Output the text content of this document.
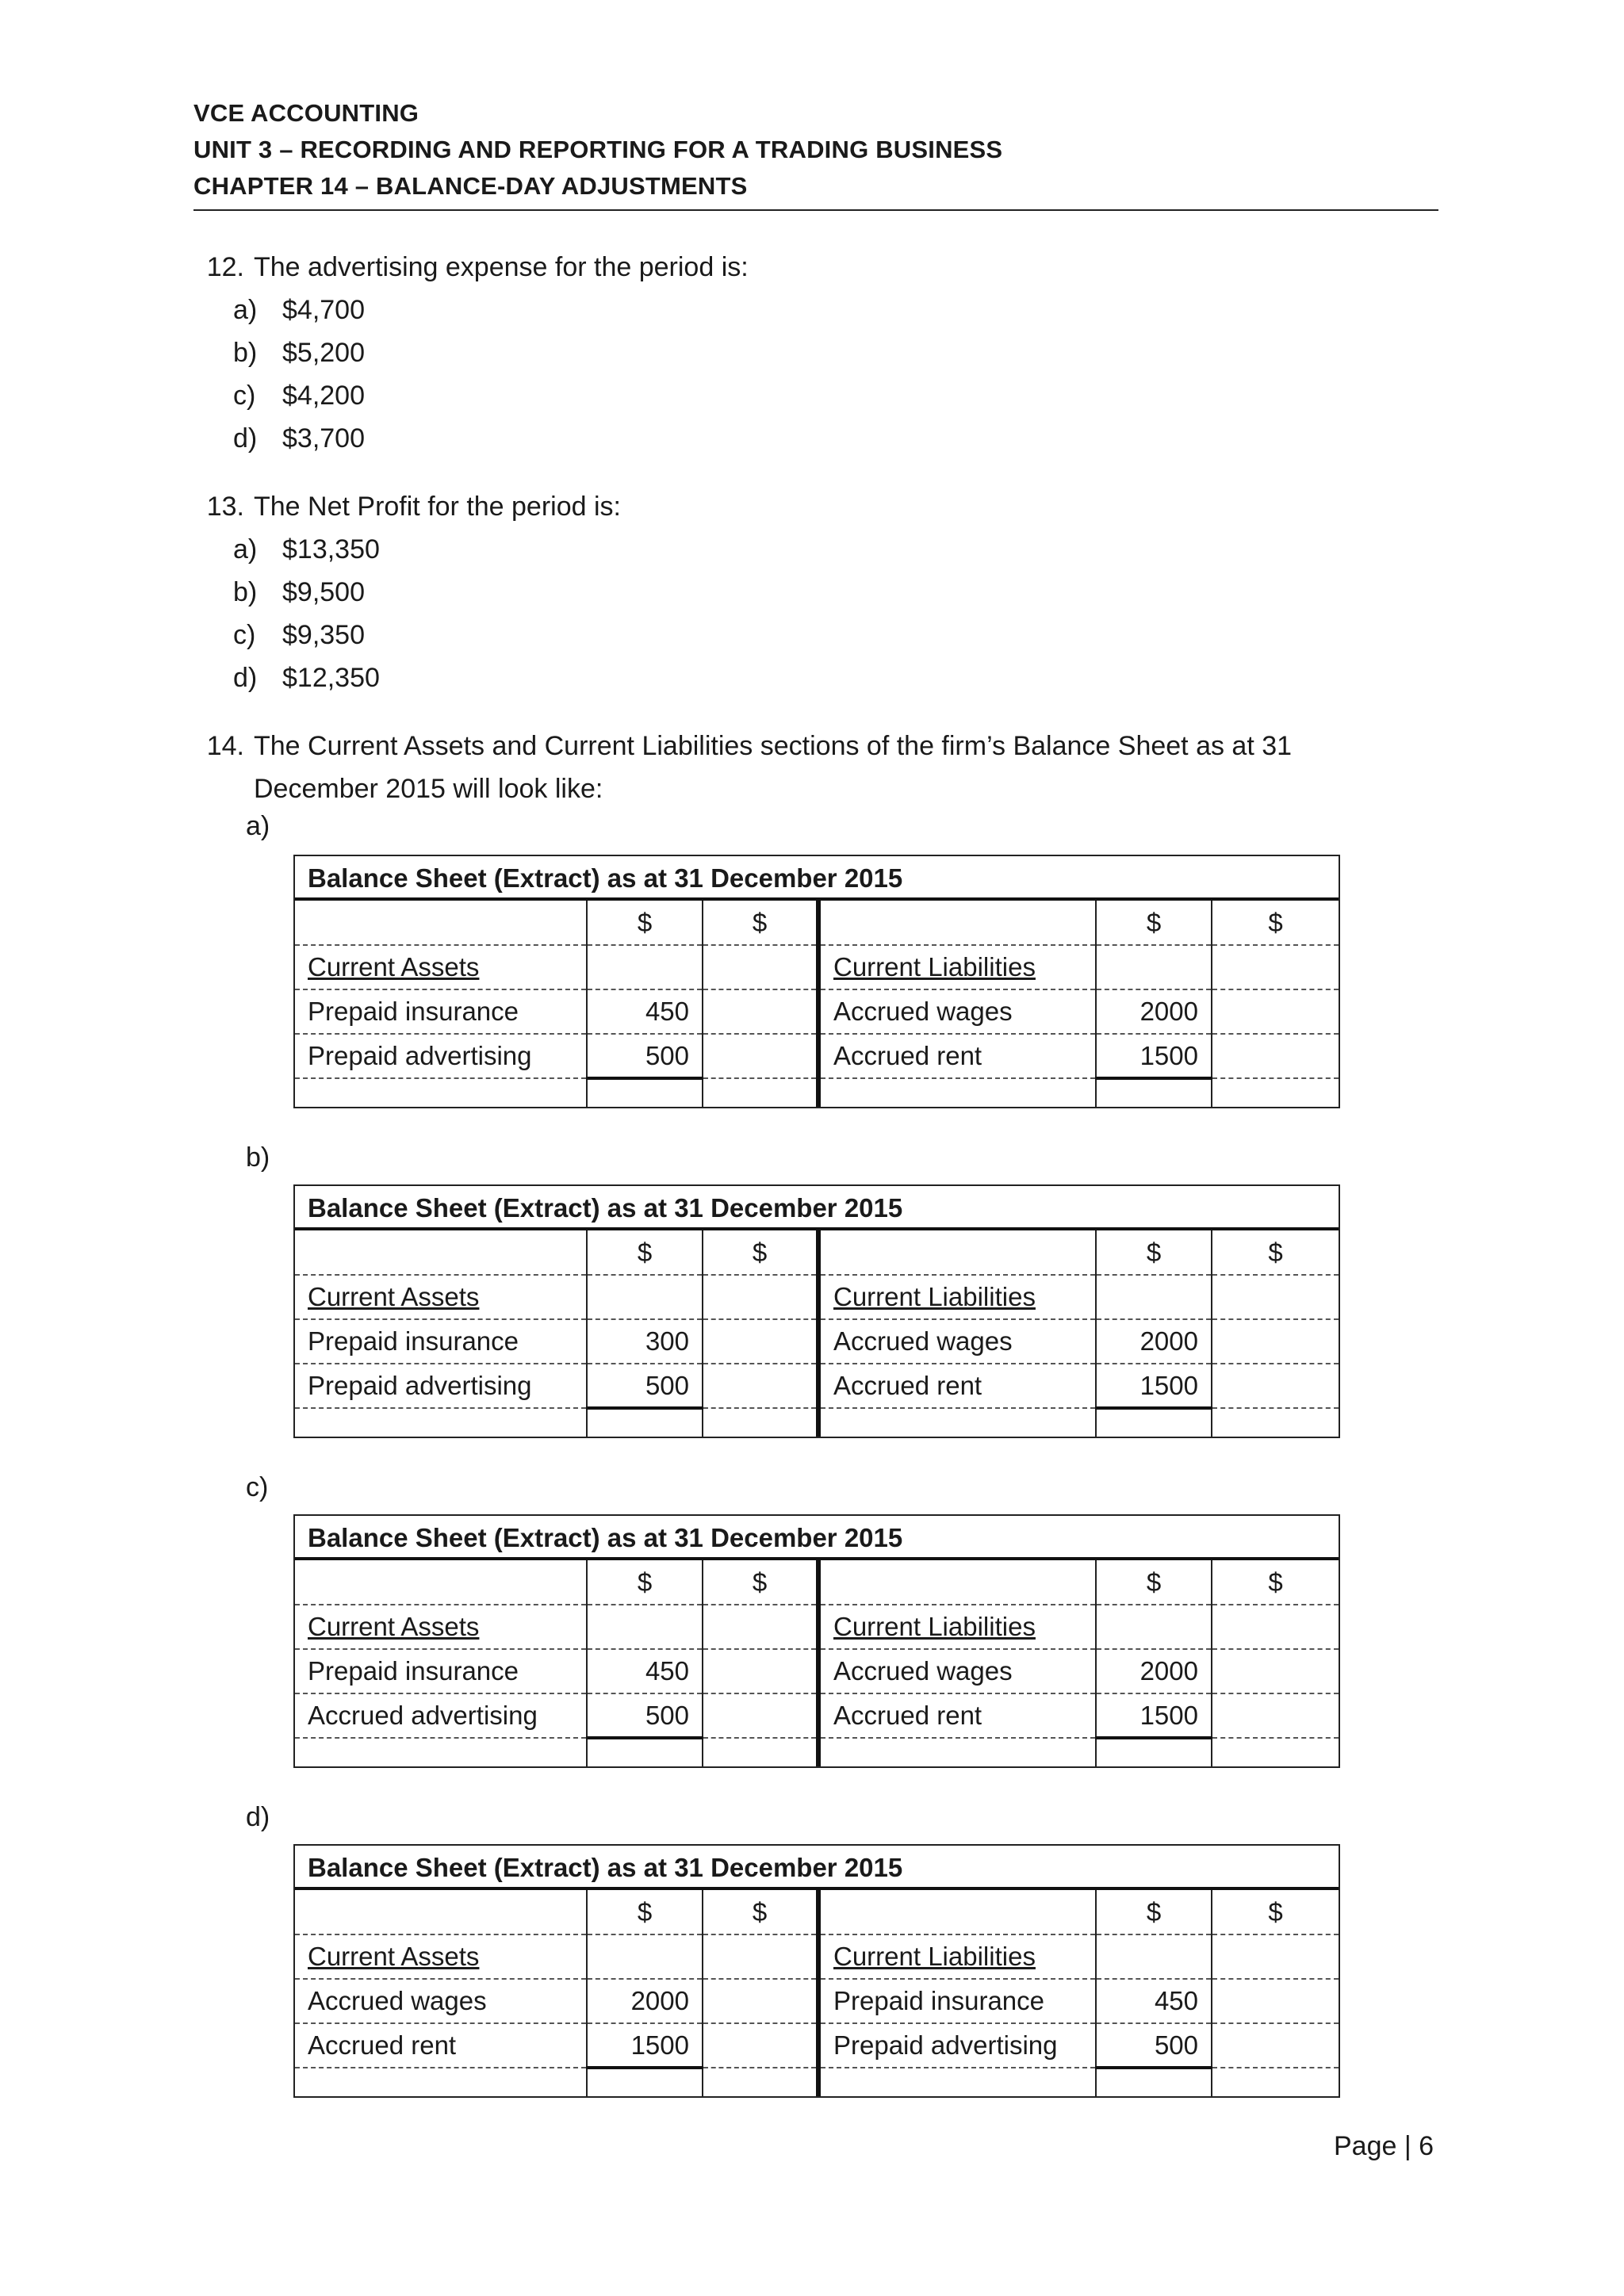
VCE ACCOUNTING
UNIT 3 – RECORDING AND REPORTING FOR A TRADING BUSINESS
CHAPTER 14 – BALANCE-DAY ADJUSTMENTS
12. The advertising expense for the period is:
a) $4,700
b) $5,200
c) $4,200
d) $3,700
13. The Net Profit for the period is:
a) $13,350
b) $9,500
c) $9,350
d) $12,350
14. The Current Assets and Current Liabilities sections of the firm’s Balance Sheet as at 31
December 2015 will look like:
a)
Balance Sheet (Extract) as at 31 December 2015
	$	$		$	$
Current Assets			Current Liabilities		
Prepaid insurance	450		Accrued wages	2000	
Prepaid advertising	500		Accrued rent	1500	

b)
Balance Sheet (Extract) as at 31 December 2015
	$	$		$	$
Current Assets			Current Liabilities		
Prepaid insurance	300		Accrued wages	2000	
Prepaid advertising	500		Accrued rent	1500	

c)
Balance Sheet (Extract) as at 31 December 2015
	$	$		$	$
Current Assets			Current Liabilities		
Prepaid insurance	450		Accrued wages	2000	
Accrued advertising	500		Accrued rent	1500	

d)
Balance Sheet (Extract) as at 31 December 2015
	$	$		$	$
Current Assets			Current Liabilities		
Accrued wages	2000		Prepaid insurance	450	
Accrued rent	1500		Prepaid advertising	500	

Page | 6
